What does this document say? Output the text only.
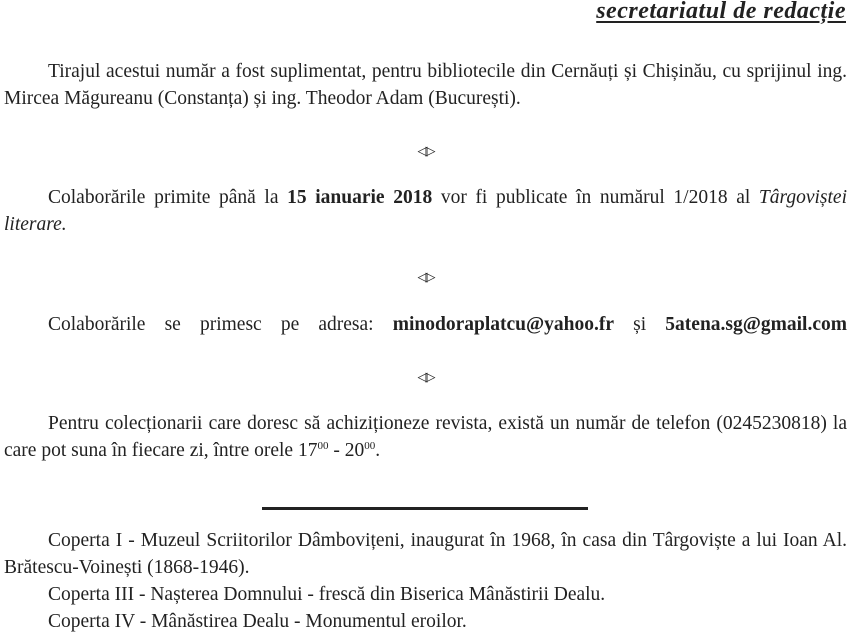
secretariatul de redacție

Tirajul acestui număr a fost suplimentat, pentru bibliotecile din Cernăuți și Chișinău, cu sprijinul ing. Mircea Măgureanu (Constanța) și ing. Theodor Adam (București).

◁▷

Colaborările primite până la 15 ianuarie 2018 vor fi publicate în numărul 1/2018 al Târgoviștei literare.

◁▷

Colaborările se primesc pe adresa: minodoraplatcu@yahoo.fr și 5atena.sg@gmail.com

◁▷

Pentru colecționarii care doresc să achiziționeze revista, există un număr de telefon (0245230818) la care pot suna în fiecare zi, între orele $17^{00} - 20^{00}$.

Coperta I - Muzeul Scriitorilor Dâmbovițeni, inaugurat în 1968, în casa din Târgoviște a lui Ioan Al. Brătescu-Voinești (1868-1946).
Coperta III - Nașterea Domnului - frescă din Biserica Mânăstirii Dealu.
Coperta IV - Mânăstirea Dealu - Monumentul eroilor.
